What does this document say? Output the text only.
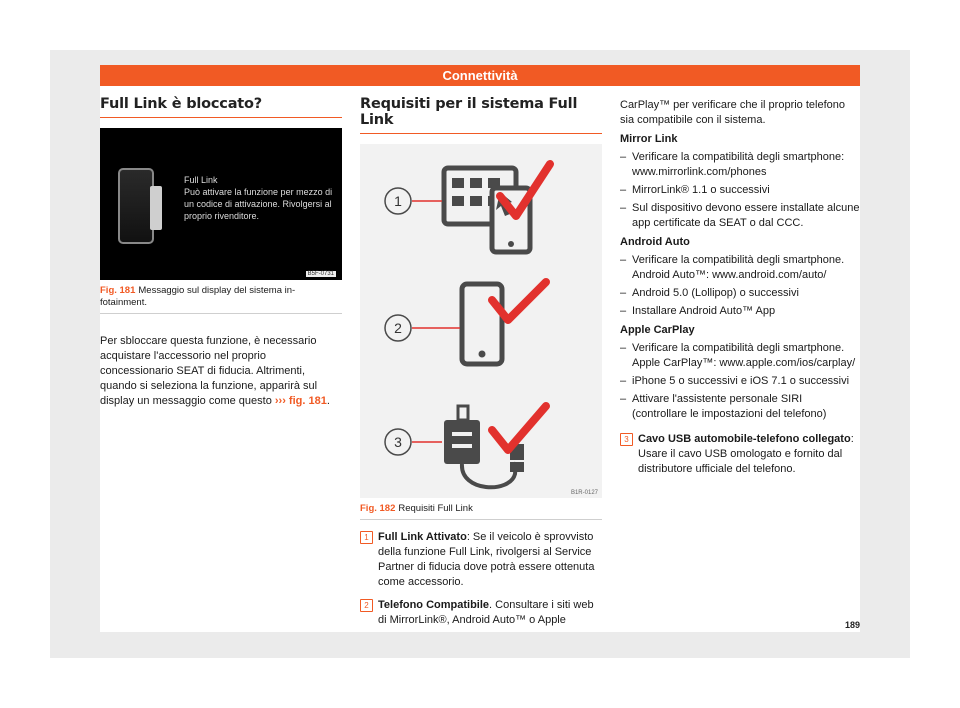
Connettività
Full Link è bloccato?
Full Link
Può attivare la funzione per mezzo di
un codice di attivazione. Rivolgersi al
proprio rivenditore.
B5F-0731
Fig. 181 Messaggio sul display del sistema in-fotainment.

Per sbloccare questa funzione, è necessario acquistare l'accessorio nel proprio concessionario SEAT di fiducia. Altrimenti, quando si seleziona la funzione, apparirà sul display un messaggio come questo ››› fig. 181.

Requisiti per il sistema Full Link
1
2
3
B1R-0127
Fig. 182 Requisiti Full Link
1 Full Link Attivato: Se il veicolo è sprovvisto della funzione Full Link, rivolgersi al Service Partner di fiducia dove potrà essere ottenuta come accessorio.
2 Telefono Compatibile. Consultare i siti web di MirrorLink®, Android Auto™ o Apple

CarPlay™ per verificare che il proprio telefono sia compatibile con il sistema.

Mirror Link

– Verificare la compatibilità degli smartphone: www.mirrorlink.com/phones
– MirrorLink® 1.1 o successivi
– Sul dispositivo devono essere installate alcune app certificate da SEAT o dal CCC.

Android Auto

– Verificare la compatibilità degli smartphone. Android Auto™: www.android.com/auto/
– Android 5.0 (Lollipop) o successivi
– Installare Android Auto™ App

Apple CarPlay

– Verificare la compatibilità degli smartphone. Apple CarPlay™: www.apple.com/ios/carplay/
– iPhone 5 o successivi e iOS 7.1 o successivi
– Attivare l'assistente personale SIRI (controllare le impostazioni del telefono)
3 Cavo USB automobile-telefono collegato: Usare il cavo USB omologato e fornito dal distributore ufficiale del telefono.
189
